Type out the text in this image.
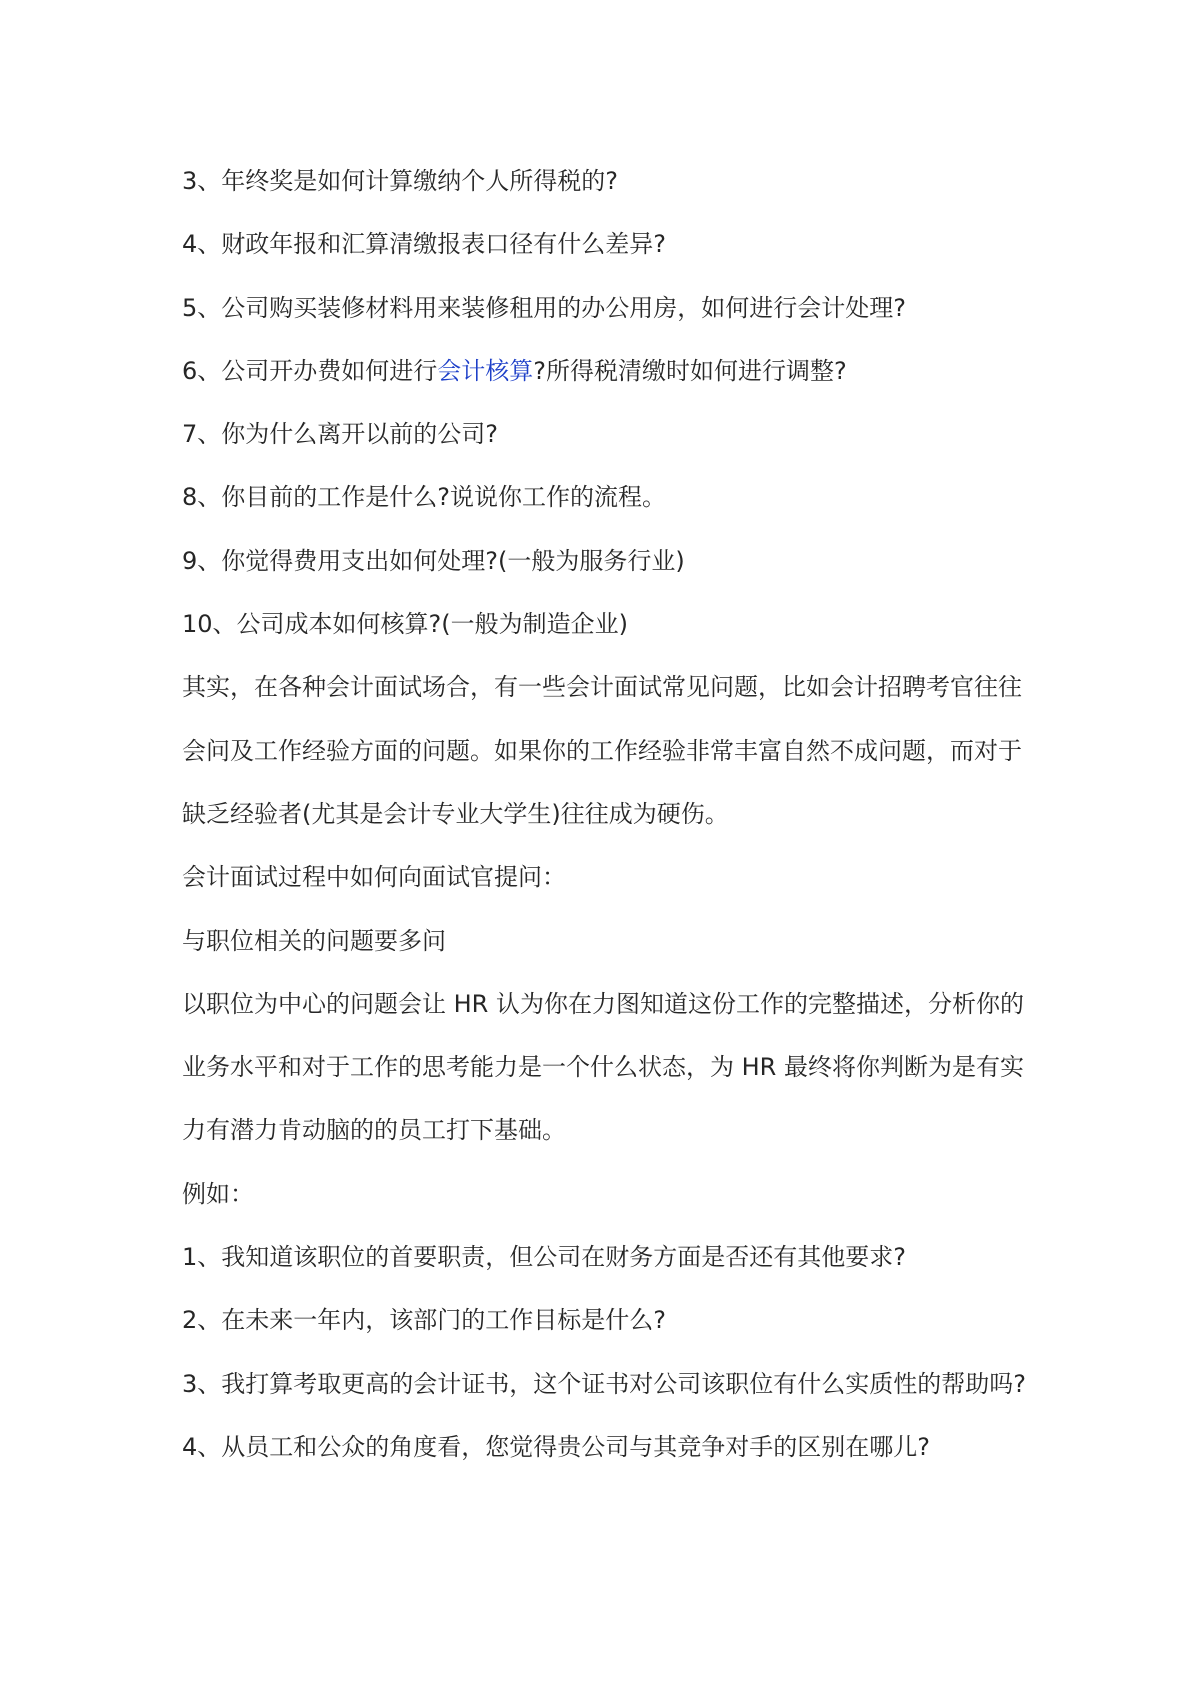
3、年终奖是如何计算缴纳个人所得税的?

4、财政年报和汇算清缴报表口径有什么差异?

5、公司购买装修材料用来装修租用的办公用房，如何进行会计处理?

6、公司开办费如何进行会计核算?所得税清缴时如何进行调整?

7、你为什么离开以前的公司?

8、你目前的工作是什么?说说你工作的流程。

9、你觉得费用支出如何处理?(一般为服务行业)

10、公司成本如何核算?(一般为制造企业)

其实，在各种会计面试场合，有一些会计面试常见问题，比如会计招聘考官往往

会问及工作经验方面的问题。如果你的工作经验非常丰富自然不成问题，而对于

缺乏经验者(尤其是会计专业大学生)往往成为硬伤。

会计面试过程中如何向面试官提问：

与职位相关的问题要多问

以职位为中心的问题会让 HR 认为你在力图知道这份工作的完整描述，分析你的

业务水平和对于工作的思考能力是一个什么状态，为 HR 最终将你判断为是有实

力有潜力肯动脑的的员工打下基础。

例如：

1、我知道该职位的首要职责，但公司在财务方面是否还有其他要求?

2、在未来一年内，该部门的工作目标是什么?

3、我打算考取更高的会计证书，这个证书对公司该职位有什么实质性的帮助吗?

4、从员工和公众的角度看，您觉得贵公司与其竞争对手的区别在哪儿?
